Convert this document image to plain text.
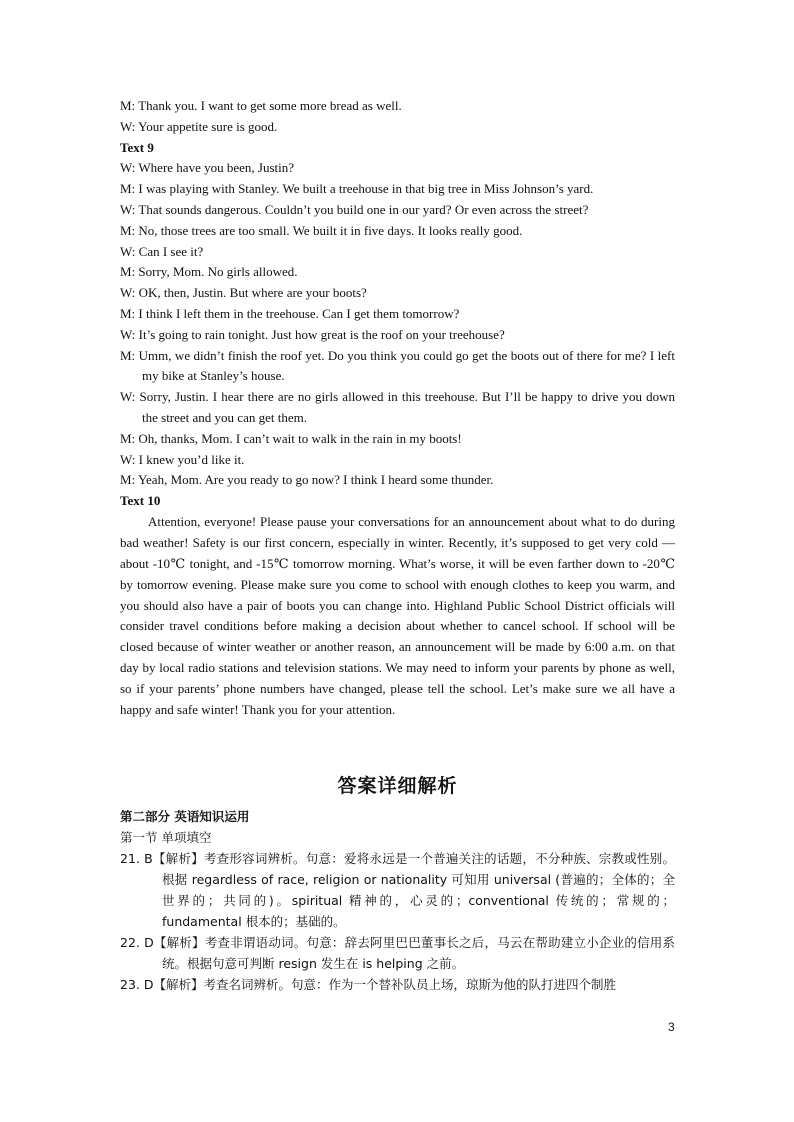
M: Thank you. I want to get some more bread as well.
W: Your appetite sure is good.
Text 9
W: Where have you been, Justin?
M: I was playing with Stanley. We built a treehouse in that big tree in Miss Johnson’s yard.
W: That sounds dangerous. Couldn’t you build one in our yard? Or even across the street?
M: No, those trees are too small. We built it in five days. It looks really good.
W: Can I see it?
M: Sorry, Mom. No girls allowed.
W: OK, then, Justin. But where are your boots?
M: I think I left them in the treehouse. Can I get them tomorrow?
W: It’s going to rain tonight. Just how great is the roof on your treehouse?
M: Umm, we didn’t finish the roof yet. Do you think you could go get the boots out of there for me? I left my bike at Stanley’s house.
W: Sorry, Justin. I hear there are no girls allowed in this treehouse. But I’ll be happy to drive you down the street and you can get them.
M: Oh, thanks, Mom. I can’t wait to walk in the rain in my boots!
W: I knew you’d like it.
M: Yeah, Mom. Are you ready to go now? I think I heard some thunder.
Text 10
Attention, everyone! Please pause your conversations for an announcement about what to do during bad weather! Safety is our first concern, especially in winter. Recently, it’s supposed to get very cold — about -10℃ tonight, and -15℃ tomorrow morning. What’s worse, it will be even farther down to -20℃ by tomorrow evening. Please make sure you come to school with enough clothes to keep you warm, and you should also have a pair of boots you can change into. Highland Public School District officials will consider travel conditions before making a decision about whether to cancel school. If school will be closed because of winter weather or another reason, an announcement will be made by 6:00 a.m. on that day by local radio stations and television stations. We may need to inform your parents by phone as well, so if your parents’ phone numbers have changed, please tell the school. Let’s make sure we all have a happy and safe winter! Thank you for your attention.
答案详细解析
第二部分 英语知识运用
第一节 单项填空
21. B【解析】考查形容词辨析。句意：爱将永远是一个普遍关注的话题，不分种族、宗教或性别。根据 regardless of race, religion or nationality 可知用 universal (普遍的；全体的；全世界的；共同的)。spiritual 精神的，心灵的；conventional 传统的；常规的；fundamental 根本的；基础的。
22. D【解析】考查非谓语动词。句意：辞去阿里巴巴董事长之后，马云在帮助建立小企业的信用系统。根据句意可判断 resign 发生在 is helping 之前。
23. D【解析】考查名词辨析。句意：作为一个替补队员上场，琼斯为他的队打进四个制胜
3
